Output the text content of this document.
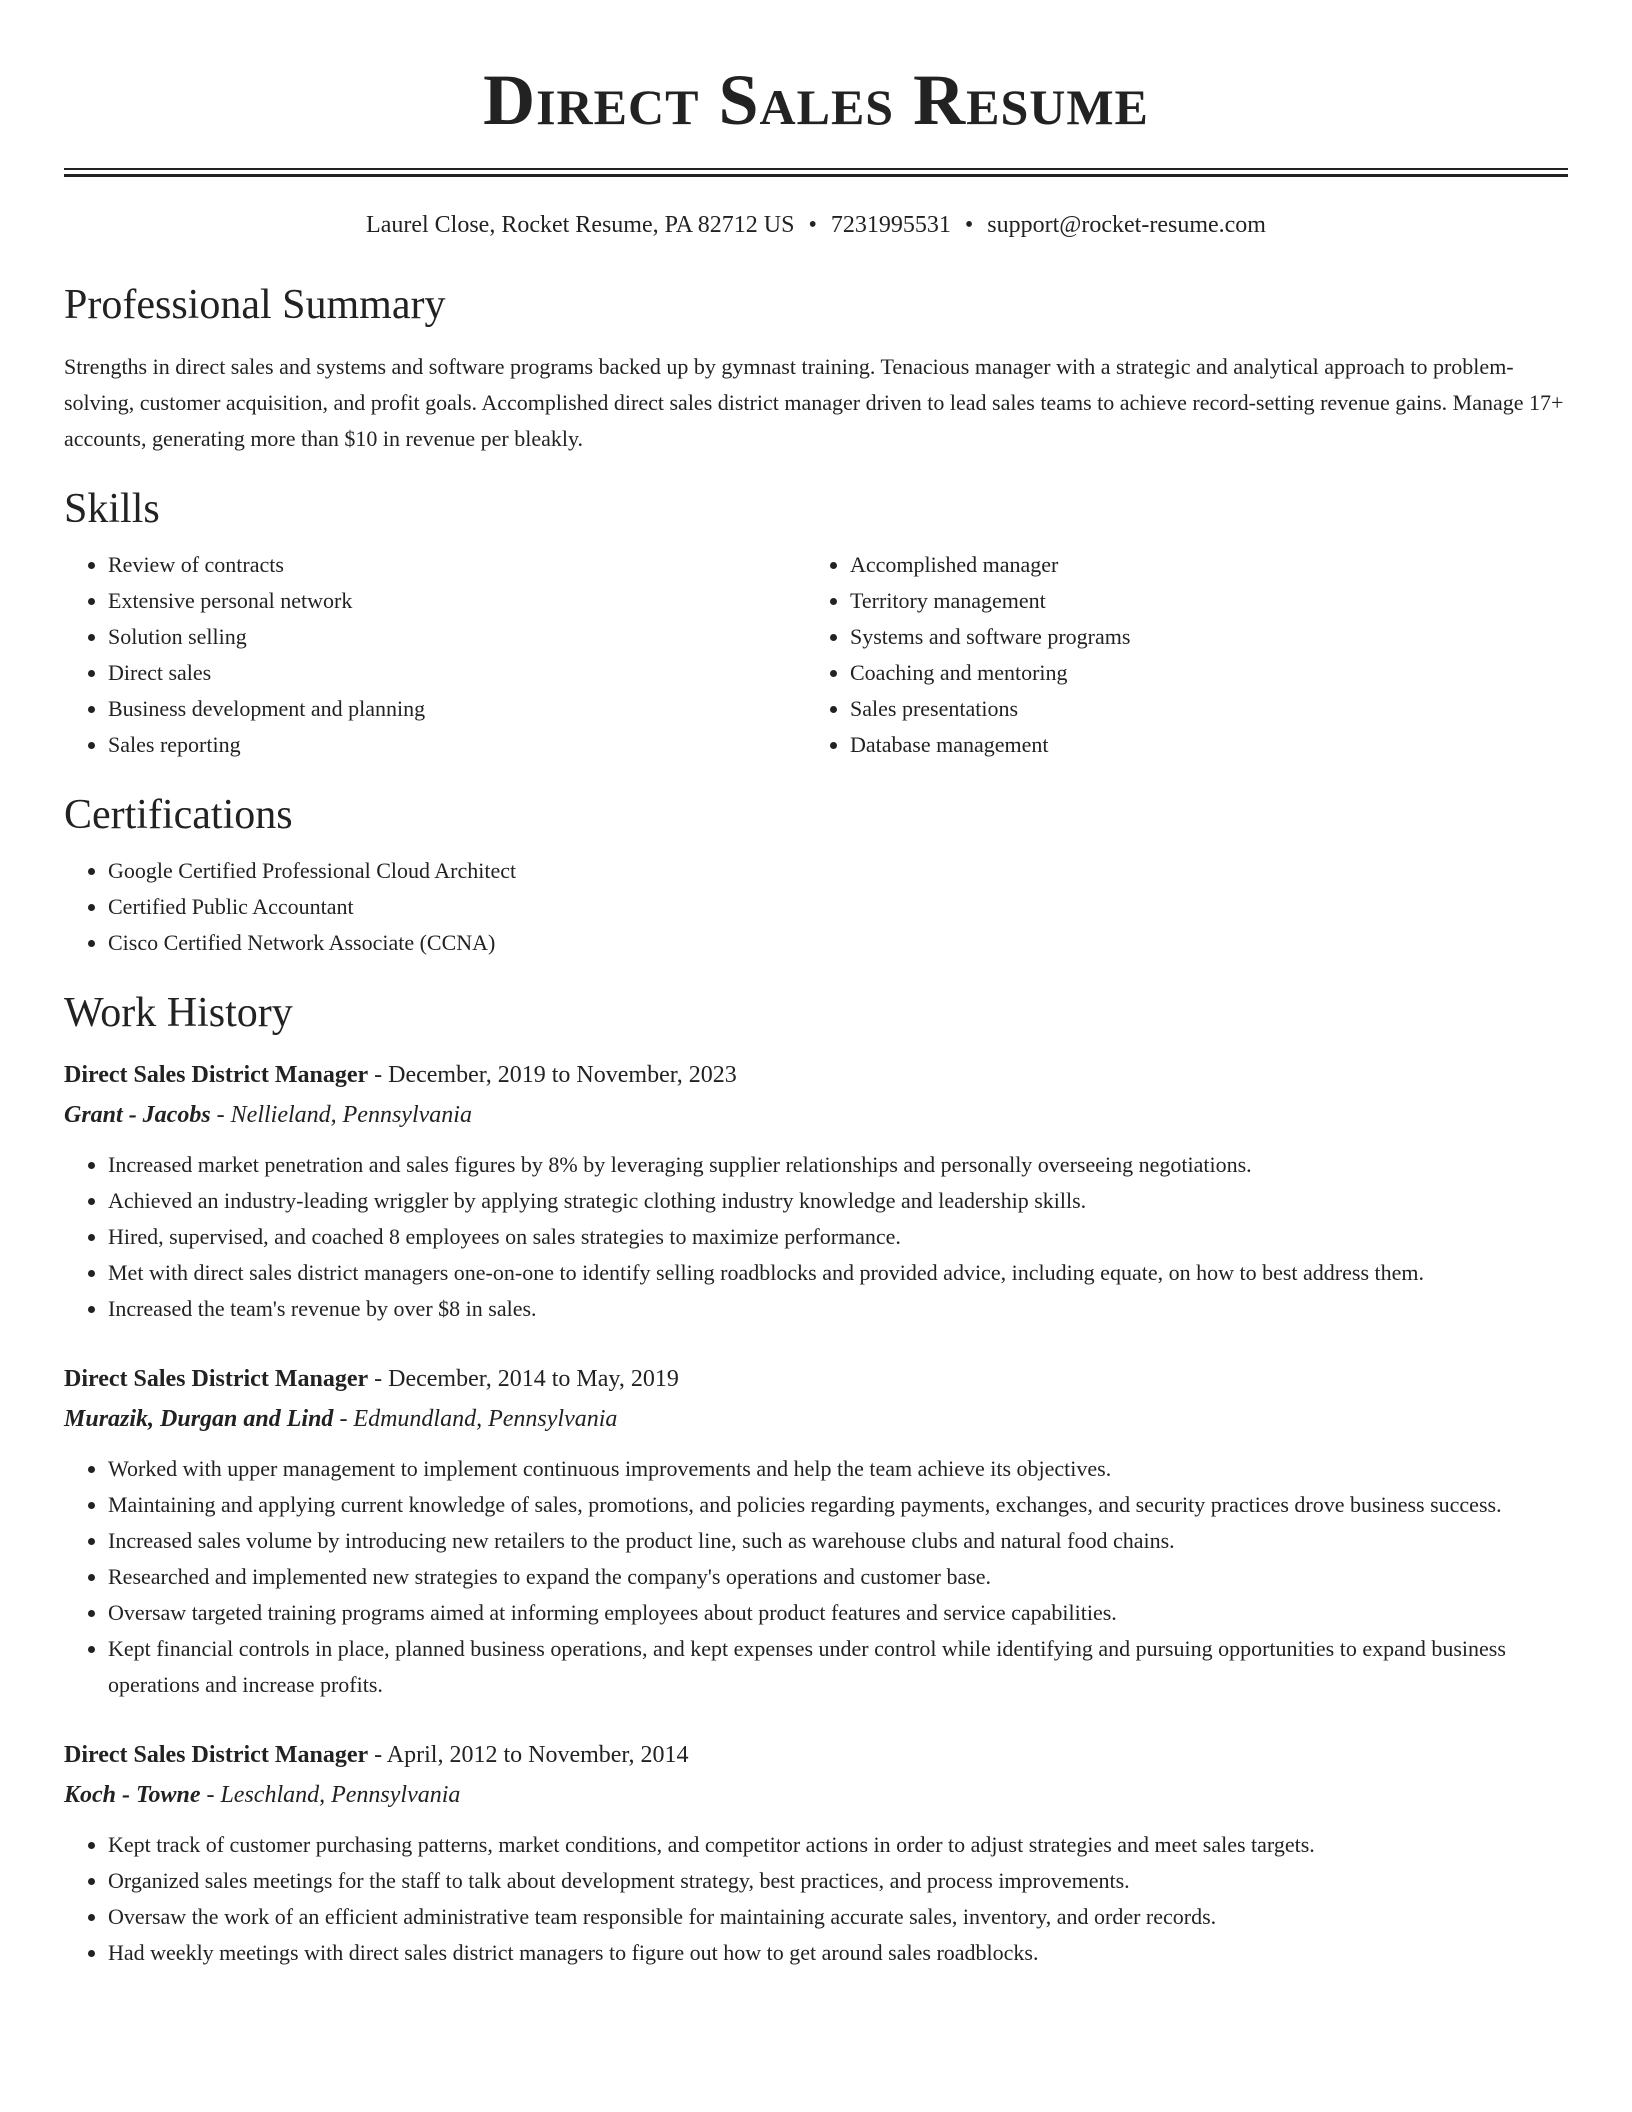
Direct Sales Resume
Laurel Close, Rocket Resume, PA 82712 US • 7231995531 • support@rocket-resume.com
Professional Summary

Strengths in direct sales and systems and software programs backed up by gymnast training. Tenacious manager with a strategic and analytical approach to problem-solving, customer acquisition, and profit goals. Accomplished direct sales district manager driven to lead sales teams to achieve record-setting revenue gains. Manage 17+ accounts, generating more than $10 in revenue per bleakly.

Skills
• Review of contracts
• Extensive personal network
• Solution selling
• Direct sales
• Business development and planning
• Sales reporting
• Accomplished manager
• Territory management
• Systems and software programs
• Coaching and mentoring
• Sales presentations
• Database management
Certifications
• Google Certified Professional Cloud Architect
• Certified Public Accountant
• Cisco Certified Network Associate (CCNA)
Work History
Direct Sales District Manager - December, 2019 to November, 2023
Grant - Jacobs - Nellieland, Pennsylvania
• Increased market penetration and sales figures by 8% by leveraging supplier relationships and personally overseeing negotiations.
• Achieved an industry-leading wriggler by applying strategic clothing industry knowledge and leadership skills.
• Hired, supervised, and coached 8 employees on sales strategies to maximize performance.
• Met with direct sales district managers one-on-one to identify selling roadblocks and provided advice, including equate, on how to best address them.
• Increased the team's revenue by over $8 in sales.
Direct Sales District Manager - December, 2014 to May, 2019
Murazik, Durgan and Lind - Edmundland, Pennsylvania
• Worked with upper management to implement continuous improvements and help the team achieve its objectives.
• Maintaining and applying current knowledge of sales, promotions, and policies regarding payments, exchanges, and security practices drove business success.
• Increased sales volume by introducing new retailers to the product line, such as warehouse clubs and natural food chains.
• Researched and implemented new strategies to expand the company's operations and customer base.
• Oversaw targeted training programs aimed at informing employees about product features and service capabilities.
• Kept financial controls in place, planned business operations, and kept expenses under control while identifying and pursuing opportunities to expand business operations and increase profits.
Direct Sales District Manager - April, 2012 to November, 2014
Koch - Towne - Leschland, Pennsylvania
• Kept track of customer purchasing patterns, market conditions, and competitor actions in order to adjust strategies and meet sales targets.
• Organized sales meetings for the staff to talk about development strategy, best practices, and process improvements.
• Oversaw the work of an efficient administrative team responsible for maintaining accurate sales, inventory, and order records.
• Had weekly meetings with direct sales district managers to figure out how to get around sales roadblocks.
